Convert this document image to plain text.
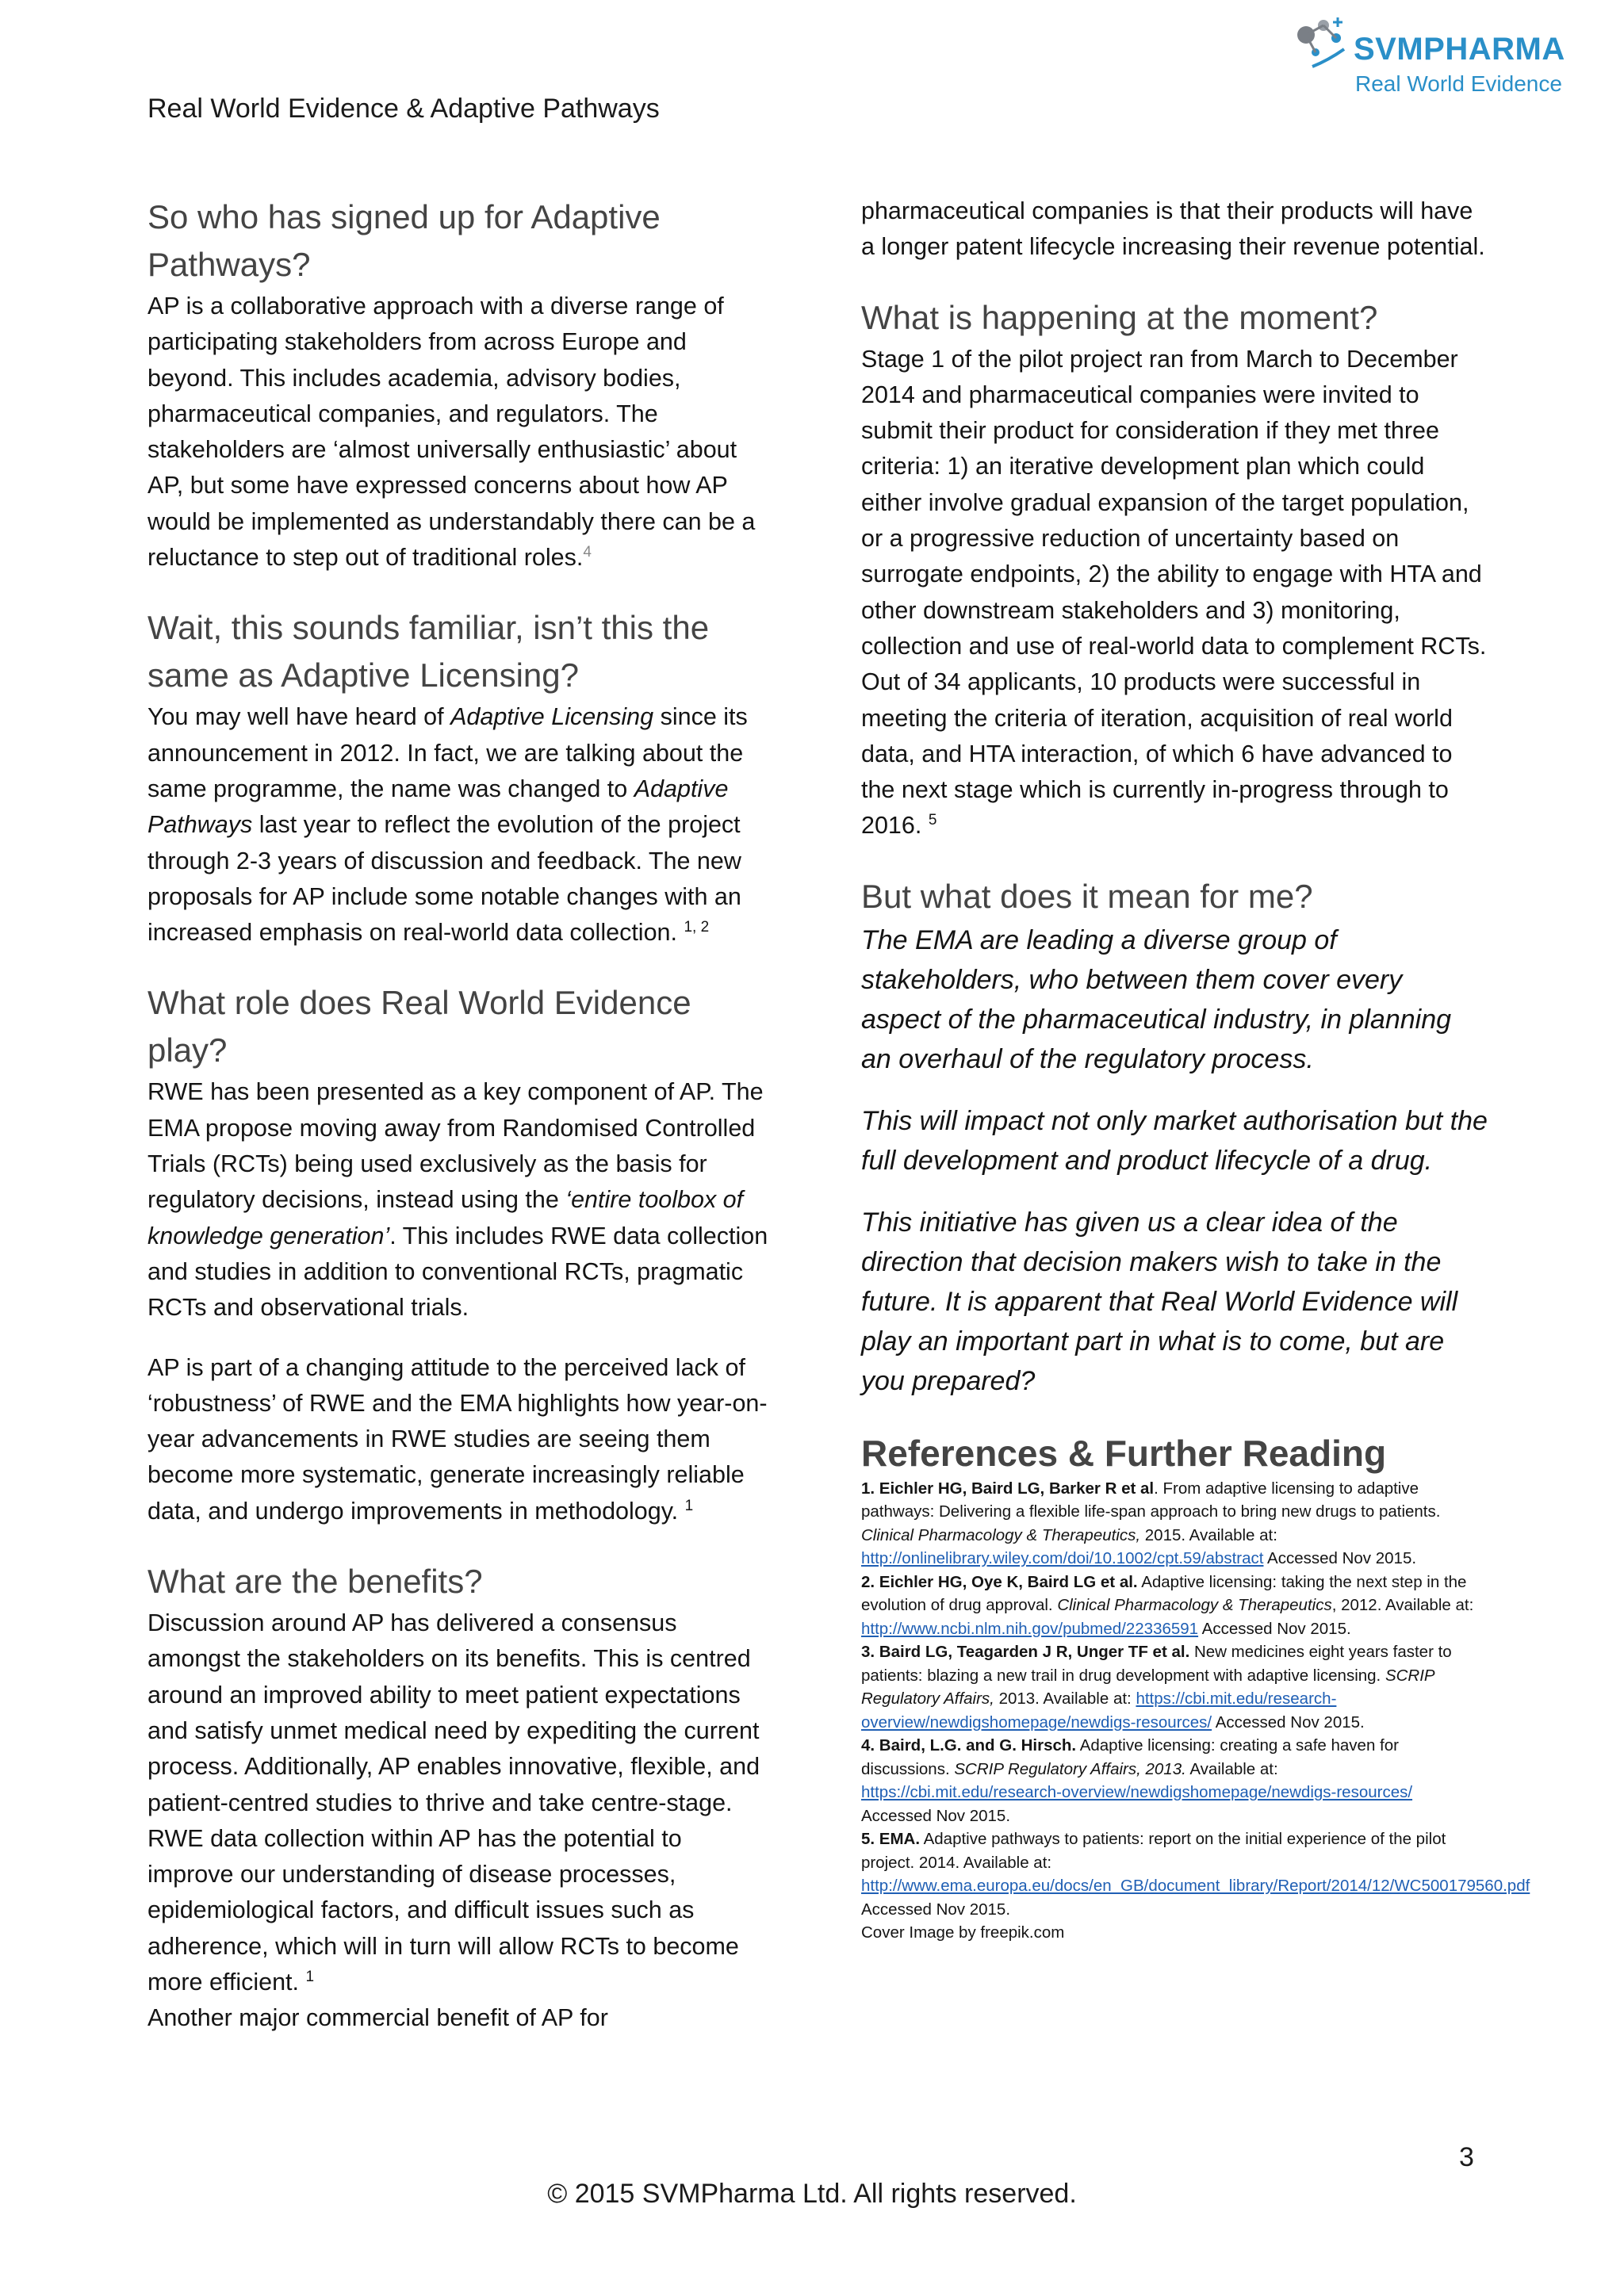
Real World Evidence & Adaptive Pathways
SVMPHARMA
Real World Evidence
So who has signed up for Adaptive
Pathways?

AP is a collaborative approach with a diverse range of participating stakeholders from across Europe and beyond. This includes academia, advisory bodies, pharmaceutical companies, and regulators. The stakeholders are ‘almost universally enthusiastic’ about AP, but some have expressed concerns about how AP would be implemented as understandably there can be a reluctance to step out of traditional roles.$^4$

Wait, this sounds familiar, isn’t this the
same as Adaptive Licensing?

You may well have heard of Adaptive Licensing since its announcement in 2012. In fact, we are talking about the same programme, the name was changed to Adaptive Pathways last year to reflect the evolution of the project through 2-3 years of discussion and feedback. The new proposals for AP include some notable changes with an increased emphasis on real-world data collection. $^{1, 2}$

What role does Real World Evidence play?

RWE has been presented as a key component of AP. The EMA propose moving away from Randomised Controlled Trials (RCTs) being used exclusively as the basis for regulatory decisions, instead using the ‘entire toolbox of knowledge generation’. This includes RWE data collection and studies in addition to conventional RCTs, pragmatic RCTs and observational trials.

AP is part of a changing attitude to the perceived lack of ‘robustness’ of RWE and the EMA highlights how year-on-year advancements in RWE studies are seeing them become more systematic, generate increasingly reliable data, and undergo improvements in methodology. $^1$

What are the benefits?

Discussion around AP has delivered a consensus amongst the stakeholders on its benefits. This is centred around an improved ability to meet patient expectations and satisfy unmet medical need by expediting the current process. Additionally, AP enables innovative, flexible, and patient-centred studies to thrive and take centre-stage. RWE data collection within AP has the potential to improve our understanding of disease processes, epidemiological factors, and difficult issues such as adherence, which will in turn will allow RCTs to become more efficient. $^1$
Another major commercial benefit of AP for

pharmaceutical companies is that their products will have a longer patent lifecycle increasing their revenue potential.

What is happening at the moment?

Stage 1 of the pilot project ran from March to December 2014 and pharmaceutical companies were invited to submit their product for consideration if they met three criteria: 1) an iterative development plan which could either involve gradual expansion of the target population, or a progressive reduction of uncertainty based on surrogate endpoints, 2) the ability to engage with HTA and other downstream stakeholders and 3) monitoring, collection and use of real-world data to complement RCTs. Out of 34 applicants, 10 products were successful in meeting the criteria of iteration, acquisition of real world data, and HTA interaction, of which 6 have advanced to the next stage which is currently in-progress through to 2016. $^5$

But what does it mean for me?

The EMA are leading a diverse group of stakeholders, who between them cover every aspect of the pharmaceutical industry, in planning an overhaul of the regulatory process.

This will impact not only market authorisation but the full development and product lifecycle of a drug.

This initiative has given us a clear idea of the direction that decision makers wish to take in the future. It is apparent that Real World Evidence will play an important part in what is to come, but are you prepared?

References & Further Reading

1. Eichler HG, Baird LG, Barker R et al. From adaptive licensing to adaptive pathways: Delivering a flexible life-span approach to bring new drugs to patients. Clinical Pharmacology & Therapeutics, 2015. Available at: http://onlinelibrary.wiley.com/doi/10.1002/cpt.59/abstract Accessed Nov 2015.

2. Eichler HG, Oye K, Baird LG et al. Adaptive licensing: taking the next step in the evolution of drug approval. Clinical Pharmacology & Therapeutics, 2012. Available at: http://www.ncbi.nlm.nih.gov/pubmed/22336591 Accessed Nov 2015.

3. Baird LG, Teagarden J R, Unger TF et al. New medicines eight years faster to patients: blazing a new trail in drug development with adaptive licensing. SCRIP Regulatory Affairs, 2013. Available at: https://cbi.mit.edu/research-overview/newdigshomepage/newdigs-resources/ Accessed Nov 2015.

4. Baird, L.G. and G. Hirsch. Adaptive licensing: creating a safe haven for discussions. SCRIP Regulatory Affairs, 2013. Available at:
https://cbi.mit.edu/research-overview/newdigshomepage/newdigs-resources/
Accessed Nov 2015.

5. EMA. Adaptive pathways to patients: report on the initial experience of the pilot project. 2014. Available at:
http://www.ema.europa.eu/docs/en_GB/document_library/Report/2014/12/WC500179560.pdf Accessed Nov 2015.

Cover Image by freepik.com

3
© 2015 SVMPharma Ltd. All rights reserved.
